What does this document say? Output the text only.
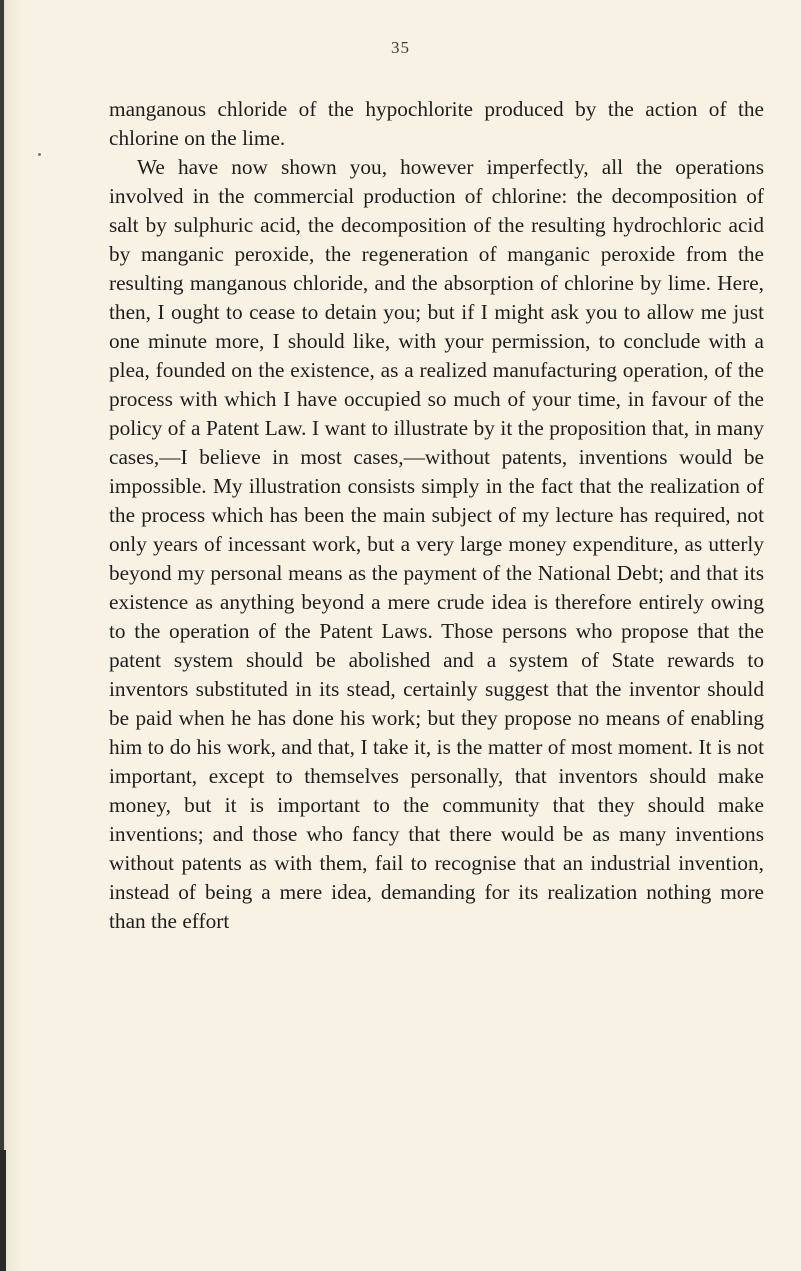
35

manganous chloride of the hypochlorite produced by the action of the chlorine on the lime.

We have now shown you, however imperfectly, all the operations involved in the commercial production of chlorine: the decomposition of salt by sulphuric acid, the decomposition of the resulting hydrochloric acid by manganic peroxide, the regeneration of manganic peroxide from the resulting manganous chloride, and the absorption of chlorine by lime. Here, then, I ought to cease to detain you; but if I might ask you to allow me just one minute more, I should like, with your permission, to conclude with a plea, founded on the existence, as a realized manufacturing operation, of the process with which I have occupied so much of your time, in favour of the policy of a Patent Law. I want to illustrate by it the proposition that, in many cases,—I believe in most cases,—without patents, inventions would be impossible. My illustration consists simply in the fact that the realization of the process which has been the main subject of my lecture has required, not only years of incessant work, but a very large money expenditure, as utterly beyond my personal means as the payment of the National Debt; and that its existence as anything beyond a mere crude idea is therefore entirely owing to the operation of the Patent Laws. Those persons who propose that the patent system should be abolished and a system of State rewards to inventors substituted in its stead, certainly suggest that the inventor should be paid when he has done his work; but they propose no means of enabling him to do his work, and that, I take it, is the matter of most moment. It is not important, except to themselves personally, that inventors should make money, but it is important to the community that they should make inventions; and those who fancy that there would be as many inventions without patents as with them, fail to recognise that an industrial invention, instead of being a mere idea, demanding for its realization nothing more than the effort
